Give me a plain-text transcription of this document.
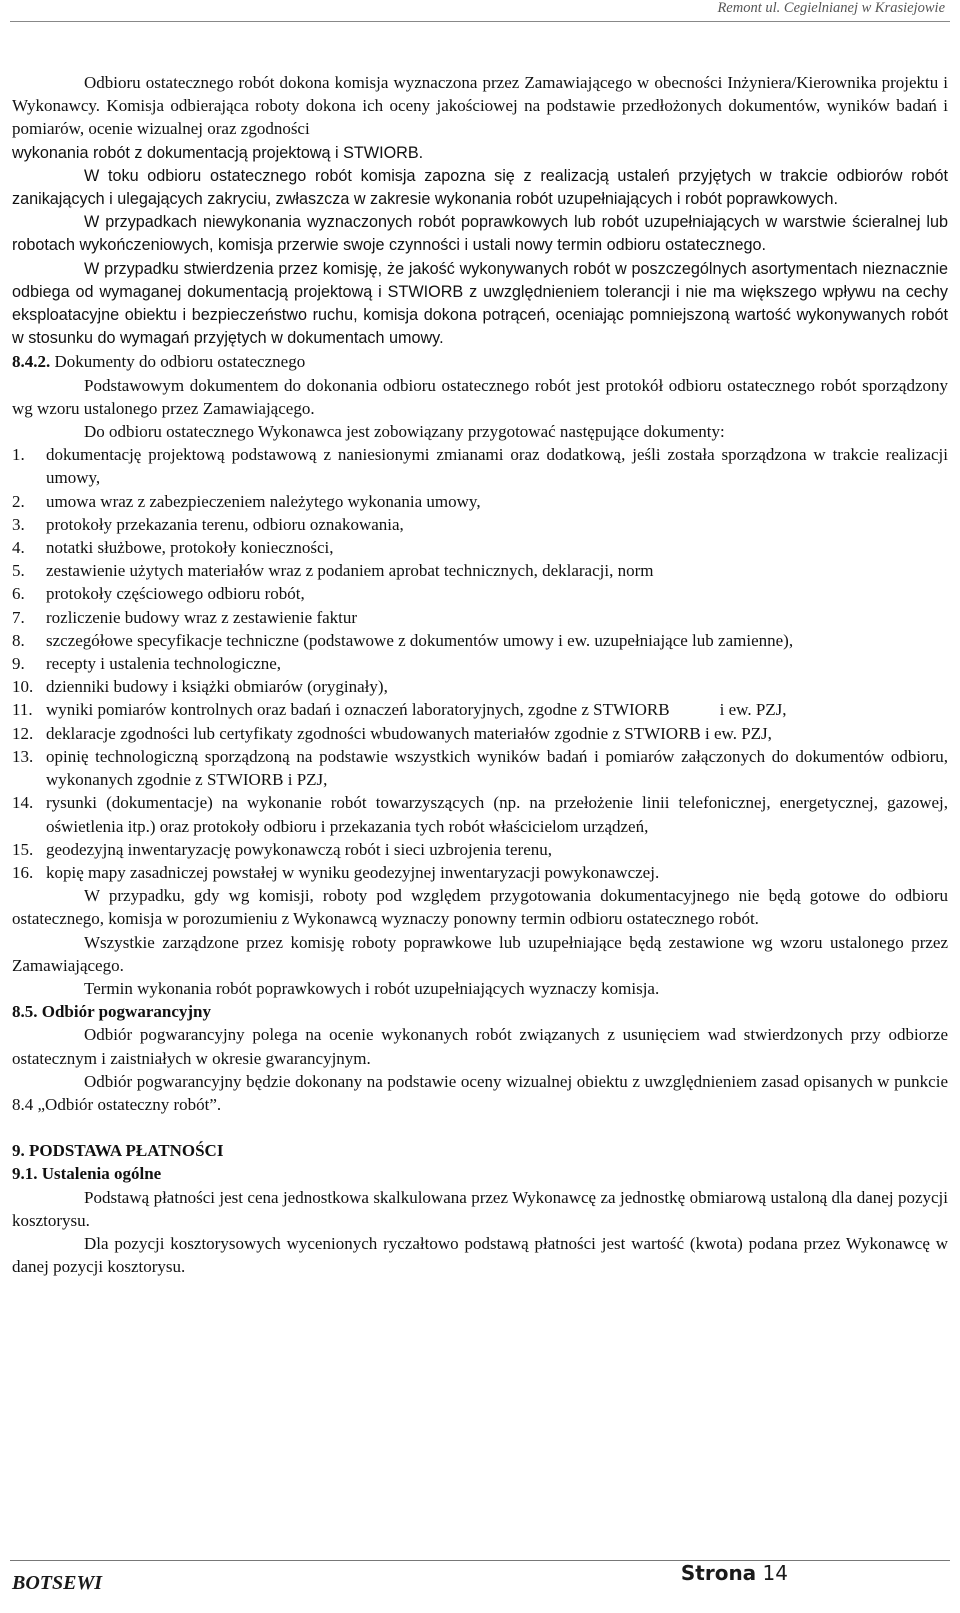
Remont ul. Cegielnianej w Krasiejowie

Odbioru ostatecznego robót dokona komisja wyznaczona przez Zamawiającego w obecności Inżyniera/Kierownika projektu i Wykonawcy. Komisja odbierająca roboty dokona ich oceny jakościowej na podstawie przedłożonych dokumentów, wyników badań i pomiarów, ocenie wizualnej oraz zgodności

wykonania robót z dokumentacją projektową i STWIORB.

W toku odbioru ostatecznego robót komisja zapozna się z realizacją ustaleń przyjętych w trakcie odbiorów robót zanikających i ulegających zakryciu, zwłaszcza w zakresie wykonania robót uzupełniających i robót poprawkowych.

W przypadkach niewykonania wyznaczonych robót poprawkowych lub robót uzupełniających w warstwie ścieralnej lub robotach wykończeniowych, komisja przerwie swoje czynności i ustali nowy termin odbioru ostatecznego.

W przypadku stwierdzenia przez komisję, że jakość wykonywanych robót w poszczególnych asortymentach nieznacznie odbiega od wymaganej dokumentacją projektową i STWIORB z uwzględnieniem tolerancji i nie ma większego wpływu na cechy eksploatacyjne obiektu i bezpieczeństwo ruchu, komisja dokona potrąceń, oceniając pomniejszoną wartość wykonywanych robót w stosunku do wymagań przyjętych w dokumentach umowy.

8.4.2. Dokumenty do odbioru ostatecznego

Podstawowym dokumentem do dokonania odbioru ostatecznego robót jest protokół odbioru ostatecznego robót sporządzony wg wzoru ustalonego przez Zamawiającego.

Do odbioru ostatecznego Wykonawca jest zobowiązany przygotować następujące dokumenty:

1.	dokumentację projektową podstawową z naniesionymi zmianami oraz dodatkową, jeśli została sporządzona w trakcie realizacji umowy,
2.	umowa wraz z zabezpieczeniem należytego wykonania umowy,
3.	protokoły przekazania terenu, odbioru oznakowania,
4.	notatki służbowe, protokoły konieczności,
5.	zestawienie użytych materiałów wraz z podaniem aprobat technicznych, deklaracji, norm
6.	protokoły częściowego odbioru robót,
7.	rozliczenie budowy wraz z zestawienie faktur
8.	szczegółowe specyfikacje techniczne (podstawowe z dokumentów umowy i ew. uzupełniające lub zamienne),
9.	recepty i ustalenia technologiczne,
10. dzienniki budowy i książki obmiarów (oryginały),
11. wyniki pomiarów kontrolnych oraz badań i oznaczeń laboratoryjnych, zgodne z STWIORB	i ew. PZJ,
12. deklaracje zgodności lub certyfikaty zgodności wbudowanych materiałów zgodnie z STWIORB i ew. PZJ,
13. opinię technologiczną sporządzoną na podstawie wszystkich wyników badań i pomiarów załączonych do dokumentów odbioru, wykonanych zgodnie z STWIORB i PZJ,
14. rysunki (dokumentacje) na wykonanie robót towarzyszących (np. na przełożenie linii telefonicznej, energetycznej, gazowej, oświetlenia itp.) oraz protokoły odbioru i przekazania tych robót właścicielom urządzeń,
15. geodezyjną inwentaryzację powykonawczą robót i sieci uzbrojenia terenu,
16. kopię mapy zasadniczej powstałej w wyniku geodezyjnej inwentaryzacji powykonawczej.

W przypadku, gdy wg komisji, roboty pod względem przygotowania dokumentacyjnego nie będą gotowe do odbioru ostatecznego, komisja w porozumieniu z Wykonawcą wyznaczy ponowny termin odbioru ostatecznego robót.

Wszystkie zarządzone przez komisję roboty poprawkowe lub uzupełniające będą zestawione wg wzoru ustalonego przez Zamawiającego.

Termin wykonania robót poprawkowych i robót uzupełniających wyznaczy komisja.

8.5. Odbiór pogwarancyjny

Odbiór pogwarancyjny polega na ocenie wykonanych robót związanych z usunięciem wad stwierdzonych przy odbiorze ostatecznym i zaistniałych w okresie gwarancyjnym.

Odbiór pogwarancyjny będzie dokonany na podstawie oceny wizualnej obiektu z uwzględnieniem zasad opisanych w punkcie 8.4 „Odbiór ostateczny robót”.

9. PODSTAWA PŁATNOŚCI

9.1. Ustalenia ogólne

Podstawą płatności jest cena jednostkowa skalkulowana przez Wykonawcę za jednostkę obmiarową ustaloną dla danej pozycji kosztorysu.

Dla pozycji kosztorysowych wycenionych ryczałtowo podstawą płatności jest wartość (kwota) podana przez Wykonawcę w danej pozycji kosztorysu.

BOTSEWI	Strona 14
